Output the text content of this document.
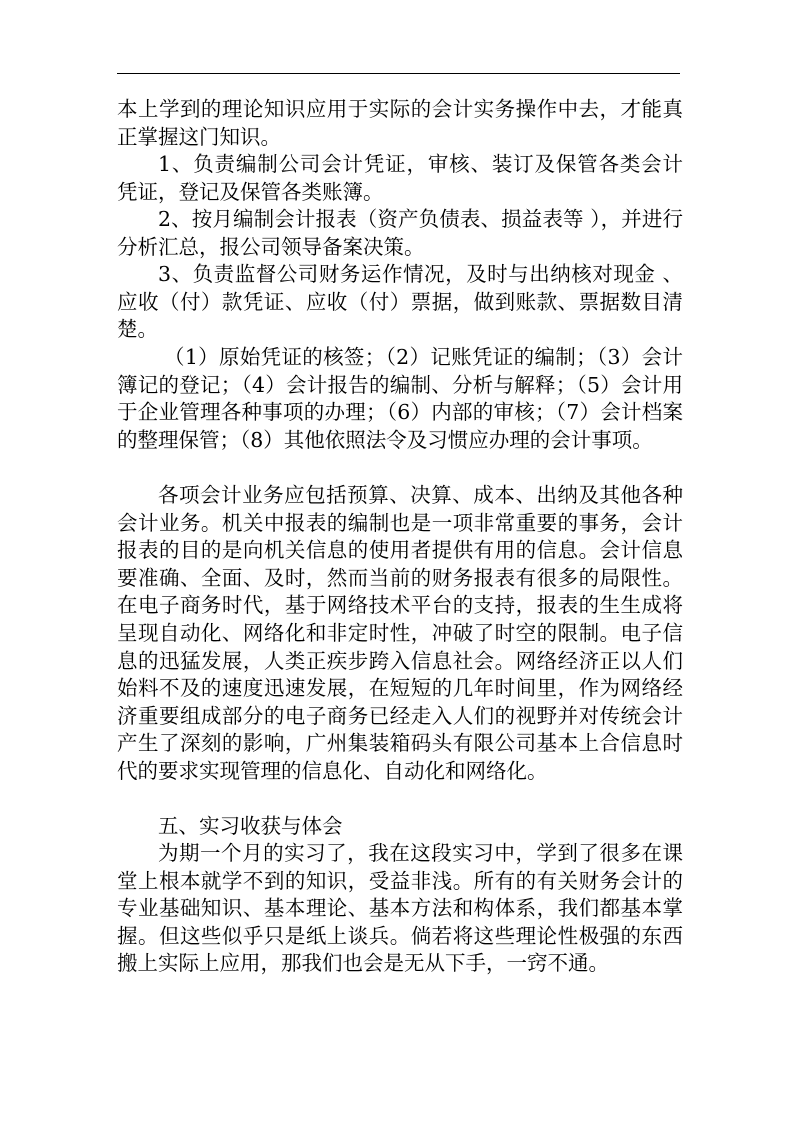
本上学到的理论知识应用于实际的会计实务操作中去，才能真正掌握这门知识。

1、负责编制公司会计凭证，审核、装订及保管各类会计凭证，登记及保管各类账簿。

2、按月编制会计报表（资产负债表、损益表等 ），并进行分析汇总，报公司领导备案决策。

3、负责监督公司财务运作情况，及时与出纳核对现金 、应收（付）款凭证、应收（付）票据，做到账款、票据数目清楚。

（1）原始凭证的核签；（2）记账凭证的编制；（3）会计簿记的登记；（4）会计报告的编制、分析与解释；（5）会计用于企业管理各种事项的办理；（6）内部的审核；（7）会计档案的整理保管；（8）其他依照法令及习惯应办理的会计事项。

各项会计业务应包括预算、决算、成本、出纳及其他各种会计业务。机关中报表的编制也是一项非常重要的事务，会计报表的目的是向机关信息的使用者提供有用的信息。会计信息要准确、全面、及时，然而当前的财务报表有很多的局限性。在电子商务时代，基于网络技术平台的支持，报表的生生成将呈现自动化、网络化和非定时性，冲破了时空的限制。电子信息的迅猛发展，人类正疾步跨入信息社会。网络经济正以人们始料不及的速度迅速发展，在短短的几年时间里，作为网络经济重要组成部分的电子商务已经走入人们的视野并对传统会计产生了深刻的影响，广州集装箱码头有限公司基本上合信息时代的要求实现管理的信息化、自动化和网络化。

五、实习收获与体会

为期一个月的实习了，我在这段实习中，学到了很多在课堂上根本就学不到的知识，受益非浅。所有的有关财务会计的专业基础知识、基本理论、基本方法和构体系，我们都基本掌握。但这些似乎只是纸上谈兵。倘若将这些理论性极强的东西搬上实际上应用，那我们也会是无从下手，一窍不通。
